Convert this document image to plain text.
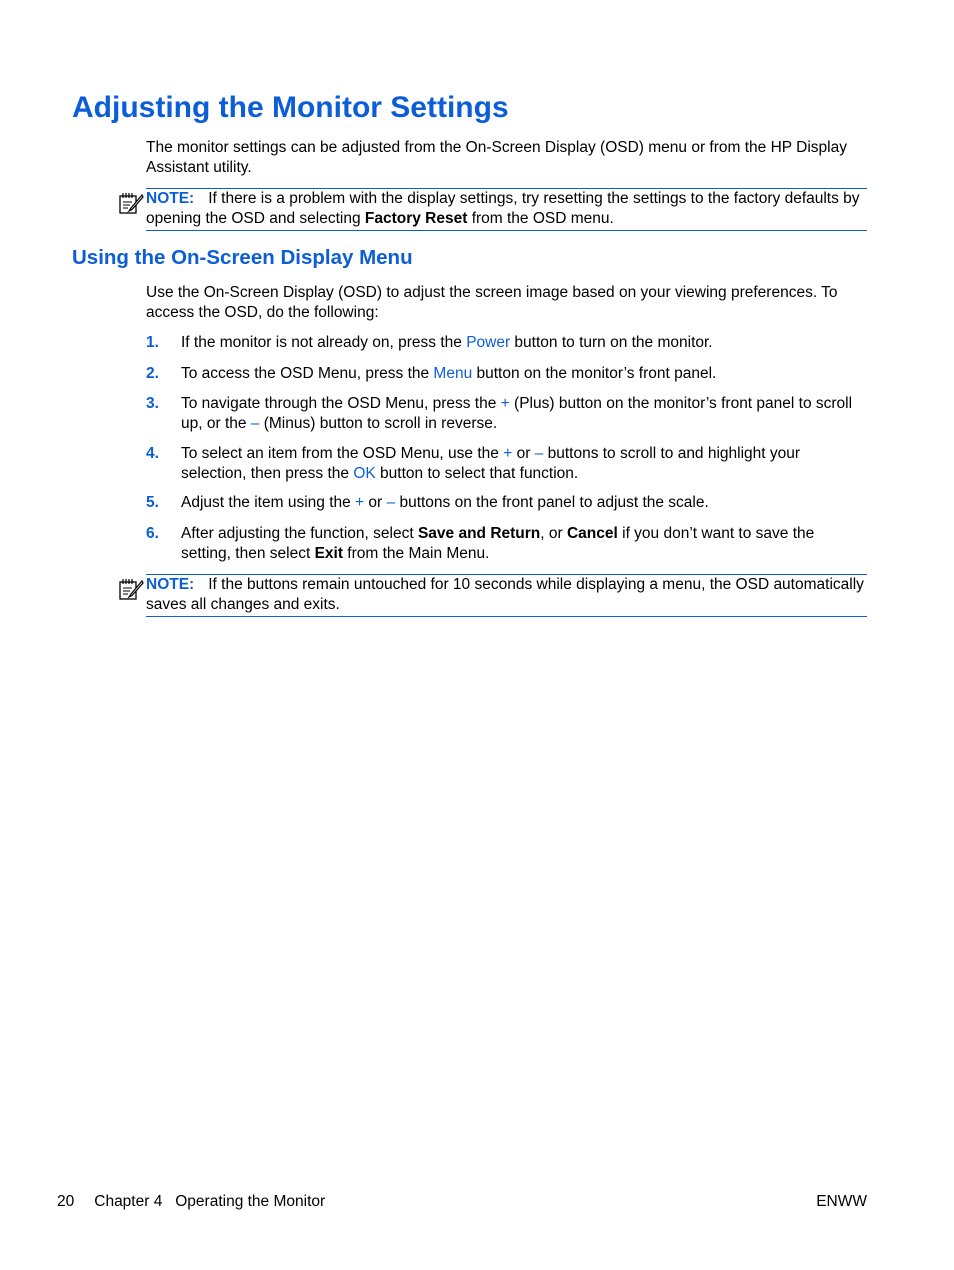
Adjusting the Monitor Settings

The monitor settings can be adjusted from the On-Screen Display (OSD) menu or from the HP Display Assistant utility.

NOTE: If there is a problem with the display settings, try resetting the settings to the factory defaults by opening the OSD and selecting Factory Reset from the OSD menu.
Using the On-Screen Display Menu

Use the On-Screen Display (OSD) to adjust the screen image based on your viewing preferences. To access the OSD, do the following:

1. If the monitor is not already on, press the Power button to turn on the monitor.
2. To access the OSD Menu, press the Menu button on the monitor’s front panel.
3. To navigate through the OSD Menu, press the + (Plus) button on the monitor’s front panel to scroll up, or the – (Minus) button to scroll in reverse.
4. To select an item from the OSD Menu, use the + or – buttons to scroll to and highlight your selection, then press the OK button to select that function.
5. Adjust the item using the + or – buttons on the front panel to adjust the scale.
6. After adjusting the function, select Save and Return, or Cancel if you don’t want to save the setting, then select Exit from the Main Menu.
NOTE: If the buttons remain untouched for 10 seconds while displaying a menu, the OSD automatically saves all changes and exits.
20 Chapter 4   Operating the Monitor	ENWW
